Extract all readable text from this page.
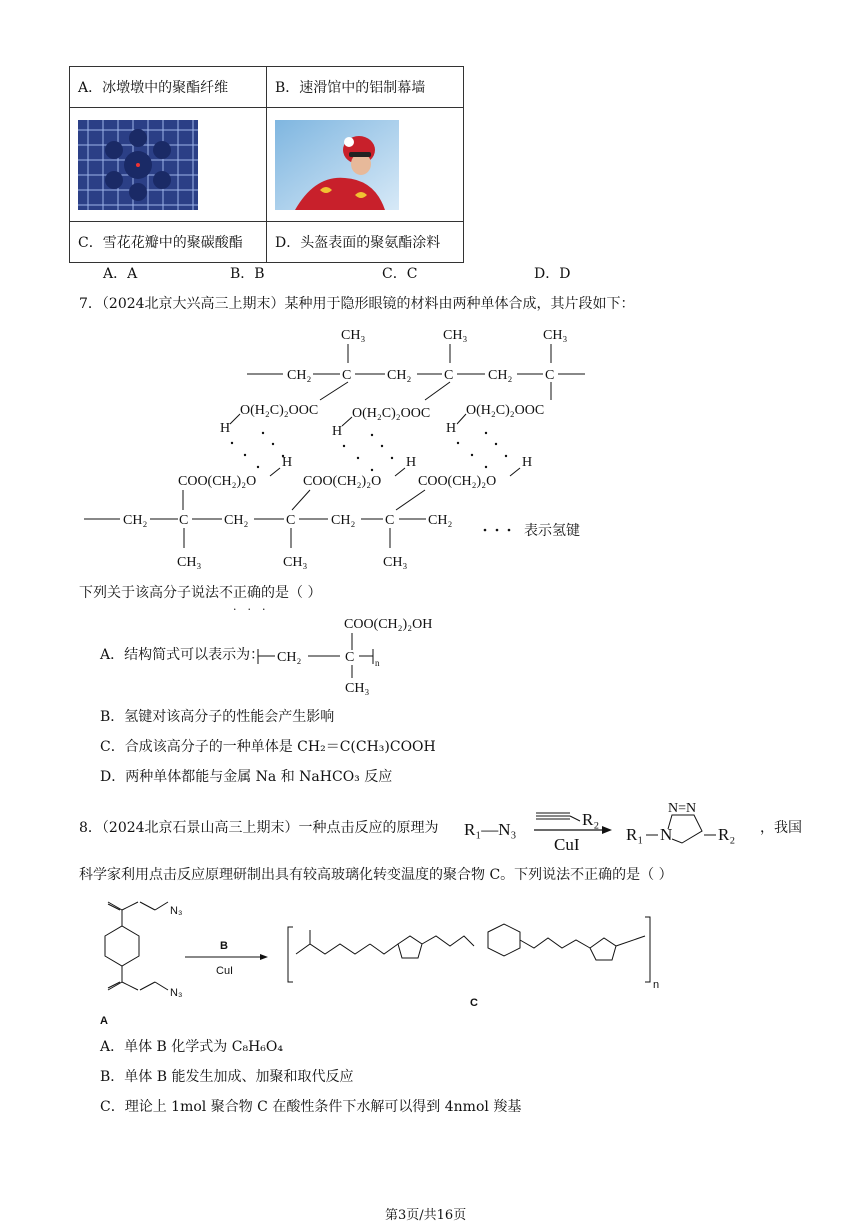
A．冰墩墩中的聚酯纤维	B．速滑馆中的铝制幕墙

C．雪花花瓣中的聚碳酸酯	D．头盔表面的聚氨酯涂料
A．A	B．B	C．C	D．D
7．（2024北京大兴高三上期末）某种用于隐形眼镜的材料由两种单体合成，其片段如下：
CH₂ C	CH₂ C CH₂ C
CH₃	CH₃	CH₃
O(H₂C)₂OOC O(H₂C)₂OOC	O(H₂C)₂OOC
H	H	H
H	H	H
COO(CH₂)₂O	COO(CH₂)₂O	COO(CH₂)₂O
CH₂ C	CH₂	C	CH₂ C CH₂
CH₃	CH₃	CH₃
表示氢键
下列关于该高分子说法不正确的是（ ）
···
A．结构简式可以表示为：
COO(CH₂)₂OH
CH₂	C n
CH₃
B．氢键对该高分子的性能会产生影响
C．合成该高分子的一种单体是 CH₂＝C(CH₃)COOH
D．两种单体都能与金属 Na 和 NaHCO₃ 反应
8．（2024北京石景山高三上期末）一种点击反应的原理为 R₁—N₃
R₂
CuI
R₁ N
N=N
R₂ ，我国
科学家利用点击反应原理研制出具有较高玻璃化转变温度的聚合物 C。下列说法不正确的是（ ）
N₃
N₃
A
B
CuI
n
C
A．单体 B 化学式为 C₈H₆O₄
B．单体 B 能发生加成、加聚和取代反应
C．理论上 1mol 聚合物 C 在酸性条件下水解可以得到 4nmol 羧基
第3页/共16页
